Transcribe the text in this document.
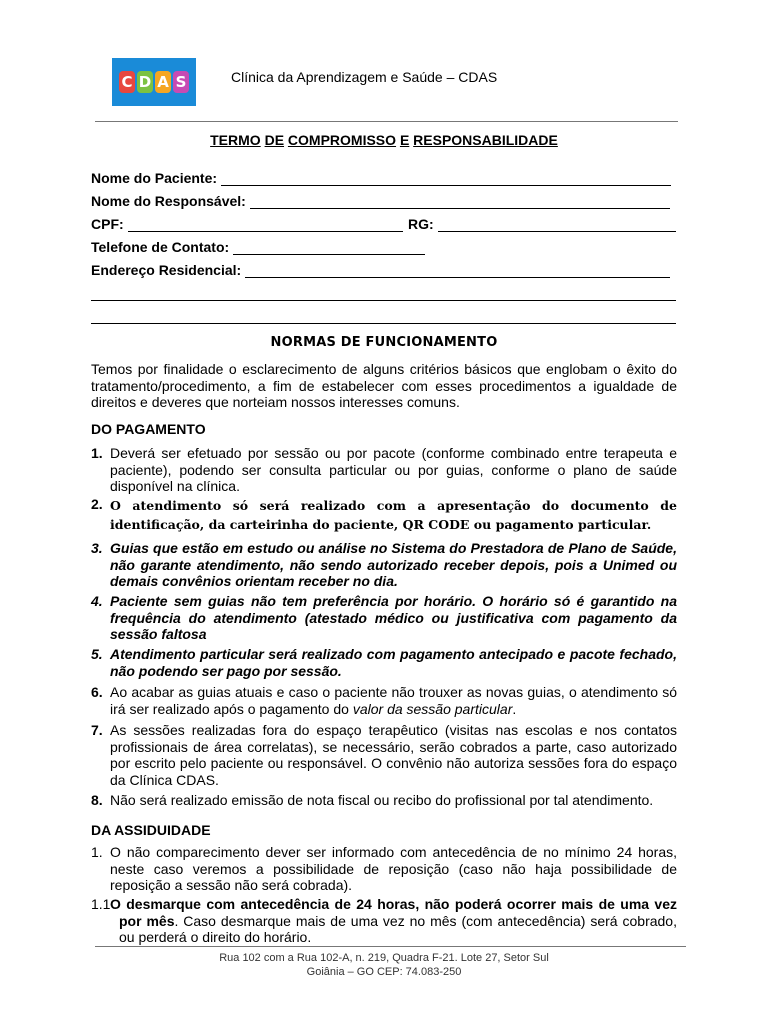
C D A S	Clínica da Aprendizagem e Saúde – CDAS
TERMO DE COMPROMISSO E RESPONSABILIDADE
Nome do Paciente:
Nome do Responsável:
CPF:	RG:
Telefone de Contato:
Endereço Residencial:
NORMAS DE FUNCIONAMENTO
Temos por finalidade o esclarecimento de alguns critérios básicos que englobam o êxito do tratamento/procedimento, a fim de estabelecer com esses procedimentos a igualdade de direitos e deveres que norteiam nossos interesses comuns.
DO PAGAMENTO
1. Deverá ser efetuado por sessão ou por pacote (conforme combinado entre terapeuta e paciente), podendo ser consulta particular ou por guias, conforme o plano de saúde disponível na clínica.
2. O atendimento só será realizado com a apresentação do documento de identificação, da carteirinha do paciente, QR CODE ou pagamento particular.
3. Guias que estão em estudo ou análise no Sistema do Prestadora de Plano de Saúde, não garante atendimento, não sendo autorizado receber depois, pois a Unimed ou demais convênios orientam receber no dia.
4. Paciente sem guias não tem preferência por horário. O horário só é garantido na frequência do atendimento (atestado médico ou justificativa com pagamento da sessão faltosa
5. Atendimento particular será realizado com pagamento antecipado e pacote fechado, não podendo ser pago por sessão.
6. Ao acabar as guias atuais e caso o paciente não trouxer as novas guias, o atendimento só irá ser realizado após o pagamento do valor da sessão particular.
7. As sessões realizadas fora do espaço terapêutico (visitas nas escolas e nos contatos profissionais de área correlatas), se necessário, serão cobrados a parte, caso autorizado por escrito pelo paciente ou responsável. O convênio não autoriza sessões fora do espaço da Clínica CDAS.
8. Não será realizado emissão de nota fiscal ou recibo do profissional por tal atendimento.
DA ASSIDUIDADE
1. O não comparecimento dever ser informado com antecedência de no mínimo 24 horas, neste caso veremos a possibilidade de reposição (caso não haja possibilidade de reposição a sessão não será cobrada).
1.1 O desmarque com antecedência de 24 horas, não poderá ocorrer mais de uma vez por mês. Caso desmarque mais de uma vez no mês (com antecedência) será cobrado, ou perderá o direito do horário.
Rua 102 com a Rua 102-A, n. 219, Quadra F-21. Lote 27, Setor Sul
Goiânia – GO CEP: 74.083-250
